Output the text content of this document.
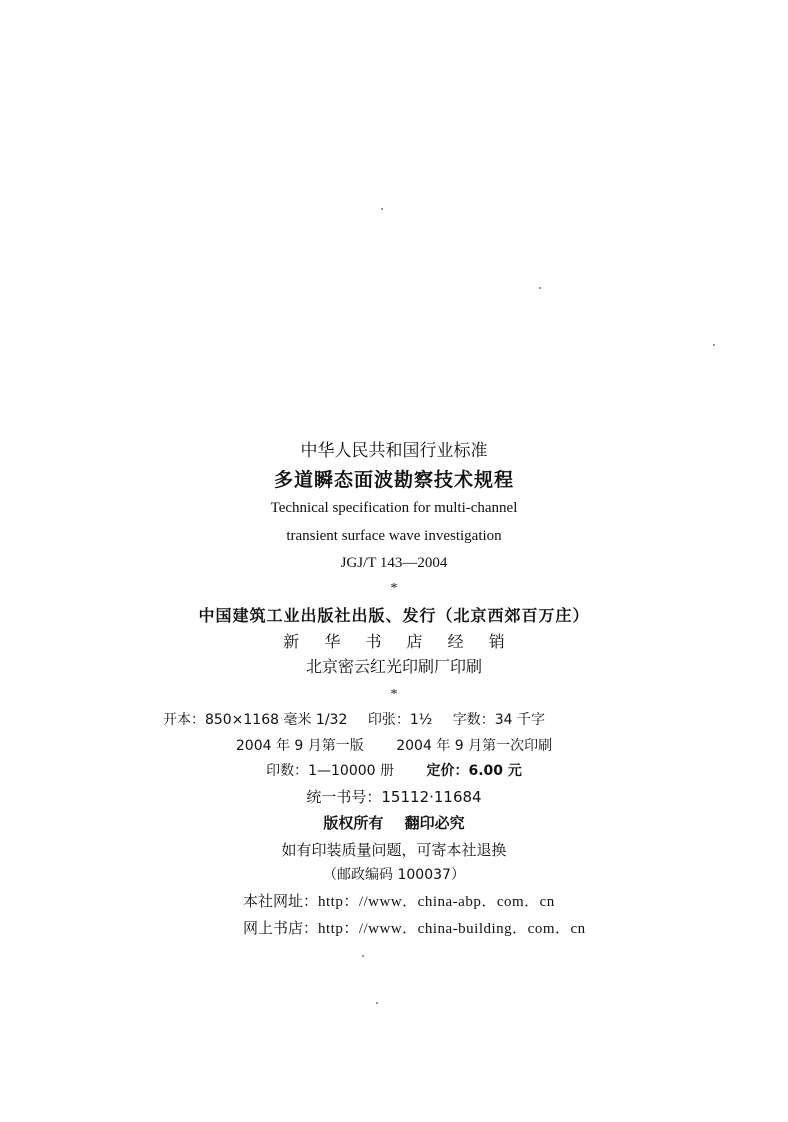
中华人民共和国行业标准
多道瞬态面波勘察技术规程
Technical specification for multi-channel
transient surface wave investigation
JGJ/T 143—2004
*
中国建筑工业出版社出版、发行（北京西郊百万庄）
新 华 书 店 经 销
北京密云红光印刷厂印刷
*
开本：850×1168 毫米 1/32 印张：1½ 字数：34 千字
2004 年 9 月第一版 2004 年 9 月第一次印刷
印数：1—10000 册 定价：6.00 元
统一书号：15112·11684
版权所有 翻印必究
如有印装质量问题，可寄本社退换
（邮政编码 100037）
本社网址：http：//www．china-abp．com．cn
网上书店：http：//www．china-building．com．cn
